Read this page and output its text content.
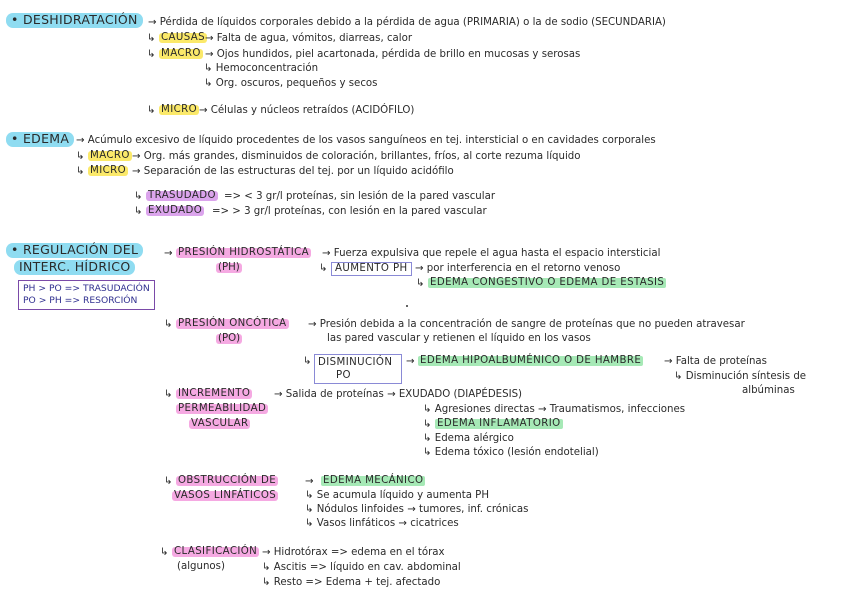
• DESHIDRATACIÓN	→ Pérdida de líquidos corporales debido a la pérdida de agua (PRIMARIA) o la de sodio (SECUNDARIA)
↳ CAUSAS → Falta de agua, vómitos, diarreas, calor
↳ MACRO → Ojos hundidos, piel acartonada, pérdida de brillo en mucosas y serosas
↳ Hemoconcentración
↳ Org. oscuros, pequeños y secos
↳ MICRO → Células y núcleos retraídos (ACIDÓFILO)
• EDEMA → Acúmulo excesivo de líquido procedentes de los vasos sanguíneos en tej. intersticial o en cavidades corporales
↳ MACRO → Org. más grandes, disminuidos de coloración, brillantes, fríos, al corte rezuma líquido
↳ MICRO → Separación de las estructuras del tej. por un líquido acidófilo
↳ TRASUDADO => < 3 gr/l proteínas, sin lesión de la pared vascular
↳ EXUDADO => > 3 gr/l proteínas, con lesión en la pared vascular
• REGULACIÓN DEL
INTERC. HÍDRICO
PH > PO => TRASUDACIÓN
PO > PH => RESORCIÓN
→ PRESIÓN HIDROSTÁTICA
(PH)
→ Fuerza expulsiva que repele el agua hasta el espacio intersticial
↳ AUMENTO PH → por interferencia en el retorno venoso
↳ EDEMA CONGESTIVO O EDEMA DE ESTASIS
↳ PRESIÓN ONCÓTICA
(PO)
→ Presión debida a la concentración de sangre de proteínas que no pueden atravesar
las pared vascular y retienen el líquido en los vasos
↳ DISMINUCIÓN
PO
→ EDEMA HIPOALBUMÉNICO O DE HAMBRE → Falta de proteínas
↳ Disminución síntesis de
albúminas
↳ INCREMENTO
PERMEABILIDAD
VASCULAR
→ Salida de proteínas → EXUDADO (DIAPÉDESIS)
↳ Agresiones directas → Traumatismos, infecciones
↳ EDEMA INFLAMATORIO
↳ Edema alérgico
↳ Edema tóxico (lesión endotelial)
↳ OBSTRUCCIÓN DE
VASOS LINFÁTICOS
→ EDEMA MECÁNICO
↳ Se acumula líquido y aumenta PH
↳ Nódulos linfoides → tumores, inf. crónicas
↳ Vasos linfáticos → cicatrices
↳ CLASIFICACIÓN
(algunos)
→ Hidrotórax => edema en el tórax
↳ Ascitis => líquido en cav. abdominal
↳ Resto => Edema + tej. afectado
